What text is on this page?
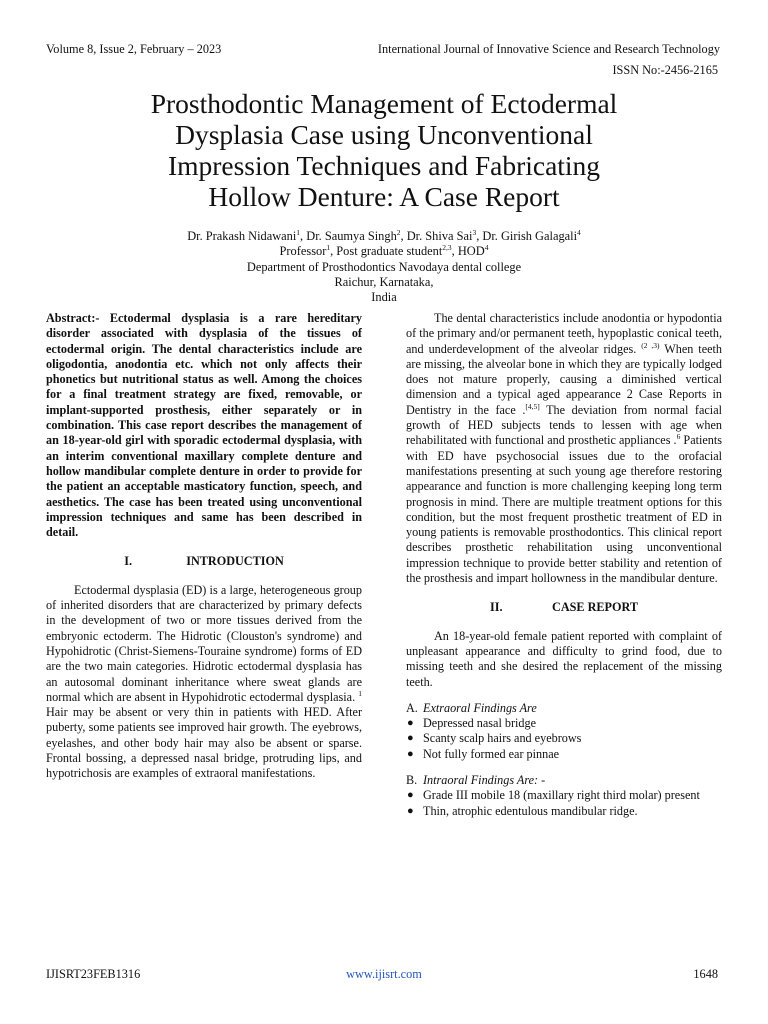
Volume 8, Issue 2, February – 2023	International Journal of Innovative Science and Research Technology
ISSN No:-2456-2165
Prosthodontic Management of Ectodermal
Dysplasia Case using Unconventional
Impression Techniques and Fabricating
Hollow Denture: A Case Report
Dr. Prakash Nidawani$^1$, Dr. Saumya Singh$^2$, Dr. Shiva Sai$^3$, Dr. Girish Galagali$^4$
Professor$^1$, Post graduate student$^{2,3}$, HOD$^4$
Department of Prosthodontics Navodaya dental college
Raichur, Karnataka,
India

Abstract:- Ectodermal dysplasia is a rare hereditary disorder associated with dysplasia of the tissues of ectodermal origin. The dental characteristics include are oligodontia, anodontia etc. which not only affects their phonetics but nutritional status as well. Among the choices for a final treatment strategy are fixed, removable, or implant-supported prosthesis, either separately or in combination. This case report describes the management of an 18-year-old girl with sporadic ectodermal dysplasia, with an interim conventional maxillary complete denture and hollow mandibular complete denture in order to provide for the patient an acceptable masticatory function, speech, and aesthetics. The case has been treated using unconventional impression techniques and same has been described in detail.

I.	INTRODUCTION

Ectodermal dysplasia (ED) is a large, heterogeneous group of inherited disorders that are characterized by primary defects in the development of two or more tissues derived from the embryonic ectoderm. The Hidrotic (Clouston's syndrome) and Hypohidrotic (Christ-Siemens-Touraine syndrome) forms of ED are the two main categories. Hidrotic ectodermal dysplasia has an autosomal dominant inheritance where sweat glands are normal which are absent in Hypohidrotic ectodermal dysplasia. $^1$ Hair may be absent or very thin in patients with HED. After puberty, some patients see improved hair growth. The eyebrows, eyelashes, and other body hair may also be absent or sparse. Frontal bossing, a depressed nasal bridge, protruding lips, and hypotrichosis are examples of extraoral manifestations.

The dental characteristics include anodontia or hypodontia of the primary and/or permanent teeth, hypoplastic conical teeth, and underdevelopment of the alveolar ridges. $^{(2 ,3)}$ When teeth are missing, the alveolar bone in which they are typically lodged does not mature properly, causing a diminished vertical dimension and a typical aged appearance 2 Case Reports in Dentistry in the face .[4,5] The deviation from normal facial growth of HED subjects tends to lessen with age when rehabilitated with functional and prosthetic appliances .$^6$ Patients with ED have psychosocial issues due to the orofacial manifestations presenting at such young age therefore restoring appearance and function is more challenging keeping long term prognosis in mind. There are multiple treatment options for this condition, but the most frequent prosthetic treatment of ED in young patients is removable prosthodontics. This clinical report describes prosthetic rehabilitation using unconventional impression technique to provide better stability and retention of the prosthesis and impart hollowness in the mandibular denture.

II.	CASE REPORT

An 18-year-old female patient reported with complaint of unpleasant appearance and difficulty to grind food, due to missing teeth and she desired the replacement of the missing teeth.

A. Extraoral Findings Are

● Depressed nasal bridge
● Scanty scalp hairs and eyebrows
● Not fully formed ear pinnae

B. Intraoral Findings Are: -

● Grade III mobile 18 (maxillary right third molar) present
● Thin, atrophic edentulous mandibular ridge.
IJISRT23FEB1316	www.ijisrt.com	1648
